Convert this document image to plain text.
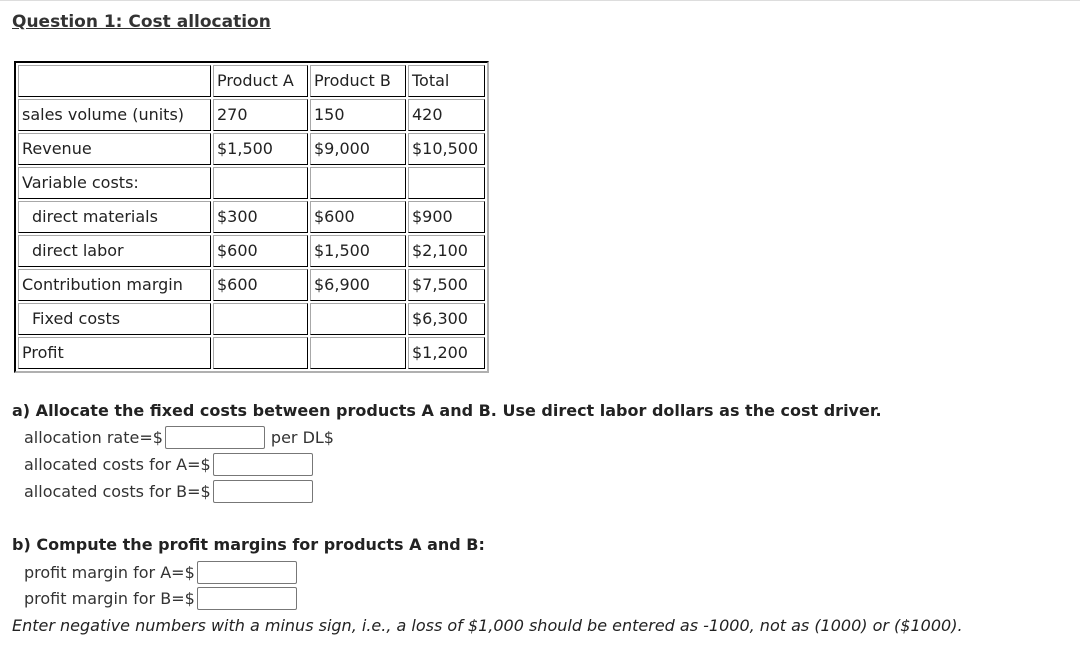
Question 1: Cost allocation
	Product A	Product B	Total
sales volume (units)	270	150	420
Revenue	$1,500	$9,000	$10,500
Variable costs:			
direct materials	$300	$600	$900
direct labor	$600	$1,500	$2,100
Contribution margin	$600	$6,900	$7,500
Fixed costs			$6,300
Profit			$1,200
a) Allocate the fixed costs between products A and B. Use direct labor dollars as the cost driver.
allocation rate=$	per DL$
allocated costs for A=$
allocated costs for B=$
b) Compute the profit margins for products A and B:
profit margin for A=$
profit margin for B=$
Enter negative numbers with a minus sign, i.e., a loss of $1,000 should be entered as -1000, not as (1000) or ($1000).
